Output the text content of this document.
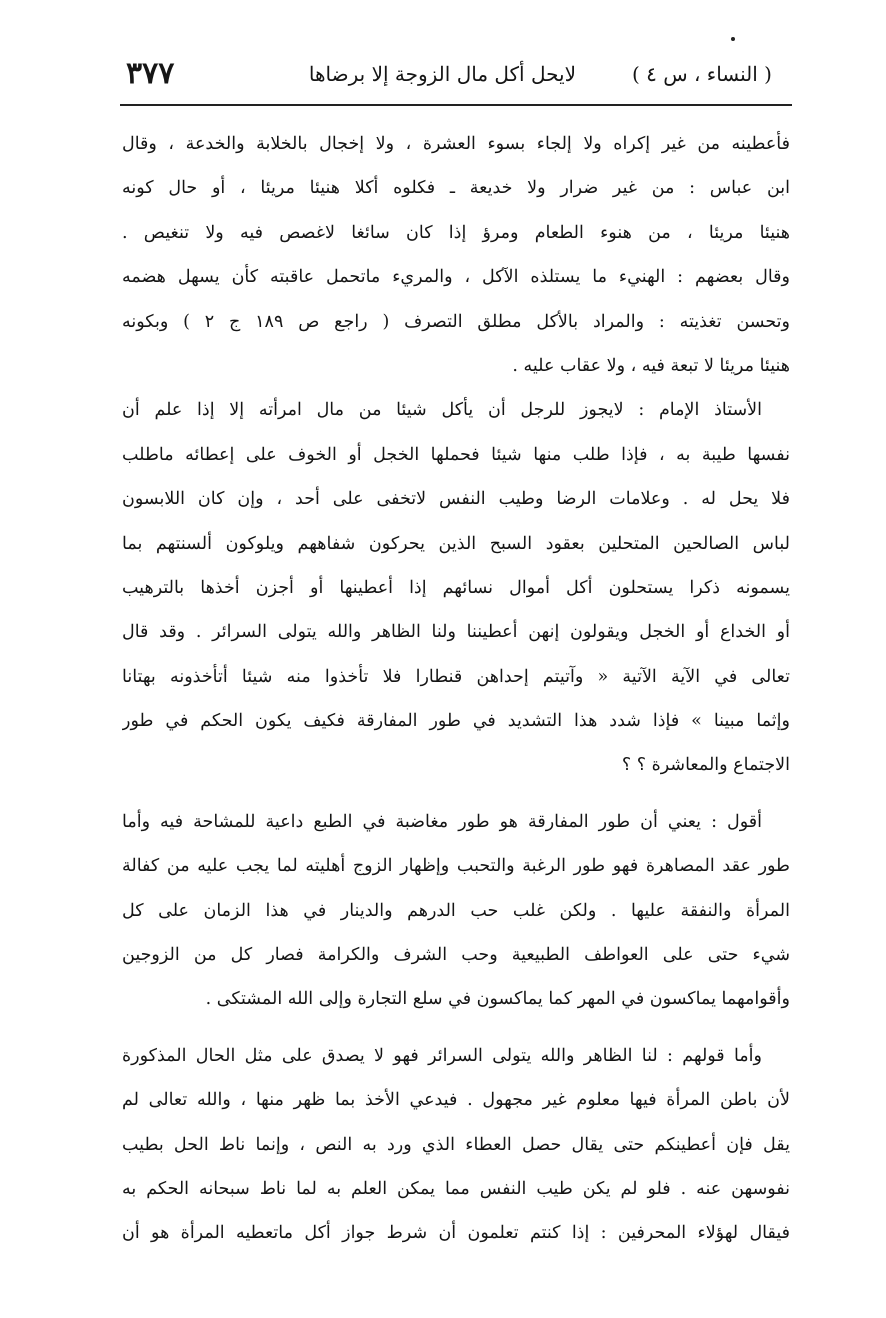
( النساء ، س ٤ )
لايحل أكل مال الزوجة إلا برضاها
٣٧٧
فأعطينه من غير إكراه ولا إلجاء بسوء العشرة ، ولا إخجال بالخلابة والخدعة ، وقال
ابن عباس : من غير ضرار ولا خديعة ـ فكلوه أكلا هنيئا مريئا ، أو حال كونه
هنيئا مريئا ، من هنوء الطعام ومرؤ إذا كان سائغا لاغصص فيه ولا تنغيص .
وقال بعضهم : الهنيء ما يستلذه الآكل ، والمريء ماتحمل عاقبته كأن يسهل هضمه
وتحسن تغذيته : والمراد بالأكل مطلق التصرف ( راجع ص ١٨٩ ج ٢ ) وبكونه
هنيئا مريئا لا تبعة فيه ، ولا عقاب عليه .
الأستاذ الإمام : لايجوز للرجل أن يأكل شيئا من مال امرأته إلا إذا علم أن
نفسها طيبة به ، فإذا طلب منها شيئا فحملها الخجل أو الخوف على إعطائه ماطلب
فلا يحل له . وعلامات الرضا وطيب النفس لاتخفى على أحد ، وإن كان اللابسون
لباس الصالحين المتحلين بعقود السبح الذين يحركون شفاههم ويلوكون ألسنتهم بما
يسمونه ذكرا يستحلون أكل أموال نسائهم إذا أعطينها أو أجزن أخذها بالترهيب
أو الخداع أو الخجل ويقولون إنهن أعطيننا ولنا الظاهر والله يتولى السرائر . وقد قال
تعالى في الآية الآتية « وآتيتم إحداهن قنطارا فلا تأخذوا منه شيئا أتأخذونه بهتانا
وإثما مبينا » فإذا شدد هذا التشديد في طور المفارقة فكيف يكون الحكم في طور
الاجتماع والمعاشرة ؟ ؟
أقول : يعني أن طور المفارقة هو طور مغاضبة في الطبع داعية للمشاحة فيه وأما
طور عقد المصاهرة فهو طور الرغبة والتحبب وإظهار الزوج أهليته لما يجب عليه من كفالة
المرأة والنفقة عليها . ولكن غلب حب الدرهم والدينار في هذا الزمان على كل
شيء حتى على العواطف الطبيعية وحب الشرف والكرامة فصار كل من الزوجين
وأقوامهما يماكسون في المهر كما يماكسون في سلع التجارة وإلى الله المشتكى .
وأما قولهم : لنا الظاهر والله يتولى السرائر فهو لا يصدق على مثل الحال المذكورة
لأن باطن المرأة فيها معلوم غير مجهول . فيدعي الأخذ بما ظهر منها ، والله تعالى لم
يقل فإن أعطينكم حتى يقال حصل العطاء الذي ورد به النص ، وإنما ناط الحل بطيب
نفوسهن عنه . فلو لم يكن طيب النفس مما يمكن العلم به لما ناط سبحانه الحكم به
فيقال لهؤلاء المحرفين : إذا كنتم تعلمون أن شرط جواز أكل ماتعطيه المرأة هو أن
